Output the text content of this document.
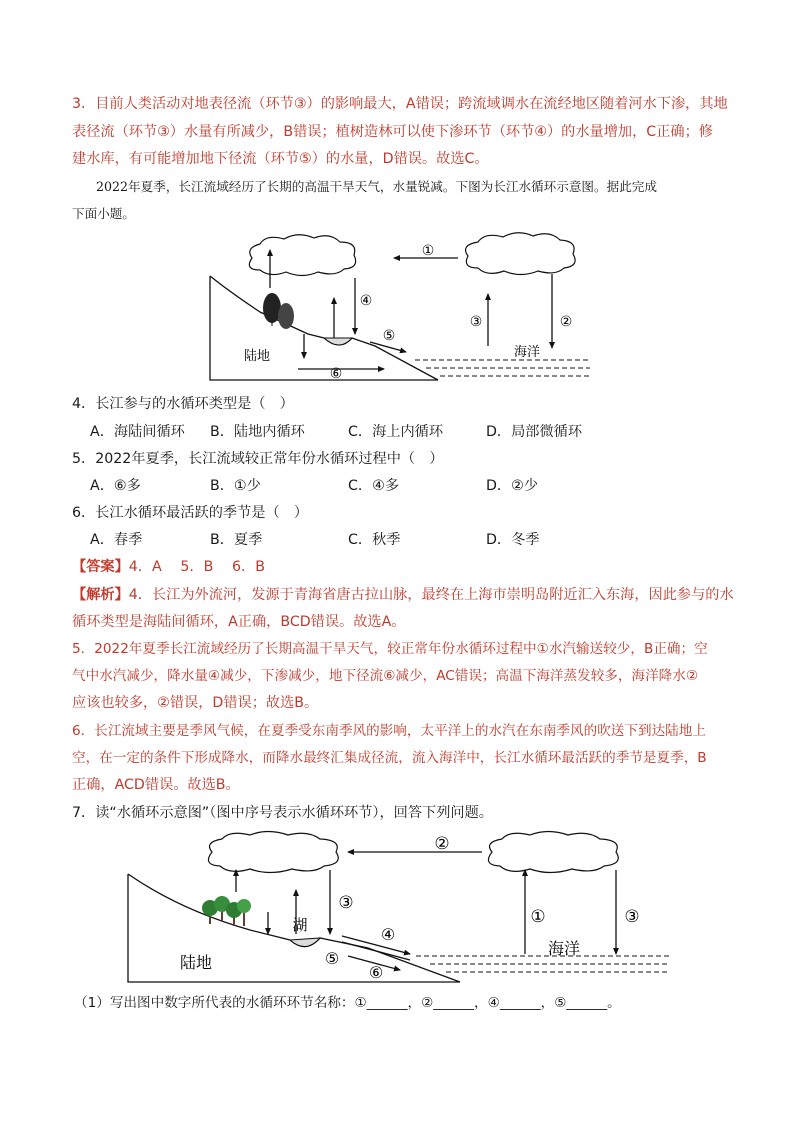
3．目前人类活动对地表径流（环节③）的影响最大，A错误；跨流域调水在流经地区随着河水下渗，其地
表径流（环节③）水量有所减少，B错误；植树造林可以使下渗环节（环节④）的水量增加，C正确；修
建水库，有可能增加地下径流（环节⑤）的水量，D错误。故选C。
2022年夏季，长江流域经历了长期的高温干旱天气，水量锐减。下图为长江水循环示意图。据此完成
下面小题。
①
②
③
④
⑤
⑥
陆地	海洋
4．长江参与的水循环类型是（　）
A．海陆间循环 B．陆地内循环	C．海上内循环	D．局部微循环
5．2022年夏季，长江流域较正常年份水循环过程中（　）
A．⑥多	B．①少	C．④多	D．②少
6．长江水循环最活跃的季节是（　）
A．春季	B．夏季	C．秋季	D．冬季
【答案】4．A　 5．B　 6．B
【解析】4．长江为外流河，发源于青海省唐古拉山脉，最终在上海市崇明岛附近汇入东海，因此参与的水
循环类型是海陆间循环，A正确，BCD错误。故选A。
5．2022年夏季长江流域经历了长期高温干旱天气，较正常年份水循环过程中①水汽输送较少，B正确；空
气中水汽减少，降水量④减少，下渗减少，地下径流⑥减少，AC错误；高温下海洋蒸发较多，海洋降水②
应该也较多，②错误，D错误；故选B。
6．长江流域主要是季风气候，在夏季受东南季风的影响，太平洋上的水汽在东南季风的吹送下到达陆地上
空，在一定的条件下形成降水，而降水最终汇集成径流，流入海洋中，长江水循环最活跃的季节是夏季，B
正确，ACD错误。故选B。
7．读“水循环示意图”（图中序号表示水循环环节），回答下列问题。
②
①	③
③
湖	④
⑤
⑥
陆地
海洋
（1）写出图中数字所代表的水循环环节名称：①______，②______，④______，⑤______。
